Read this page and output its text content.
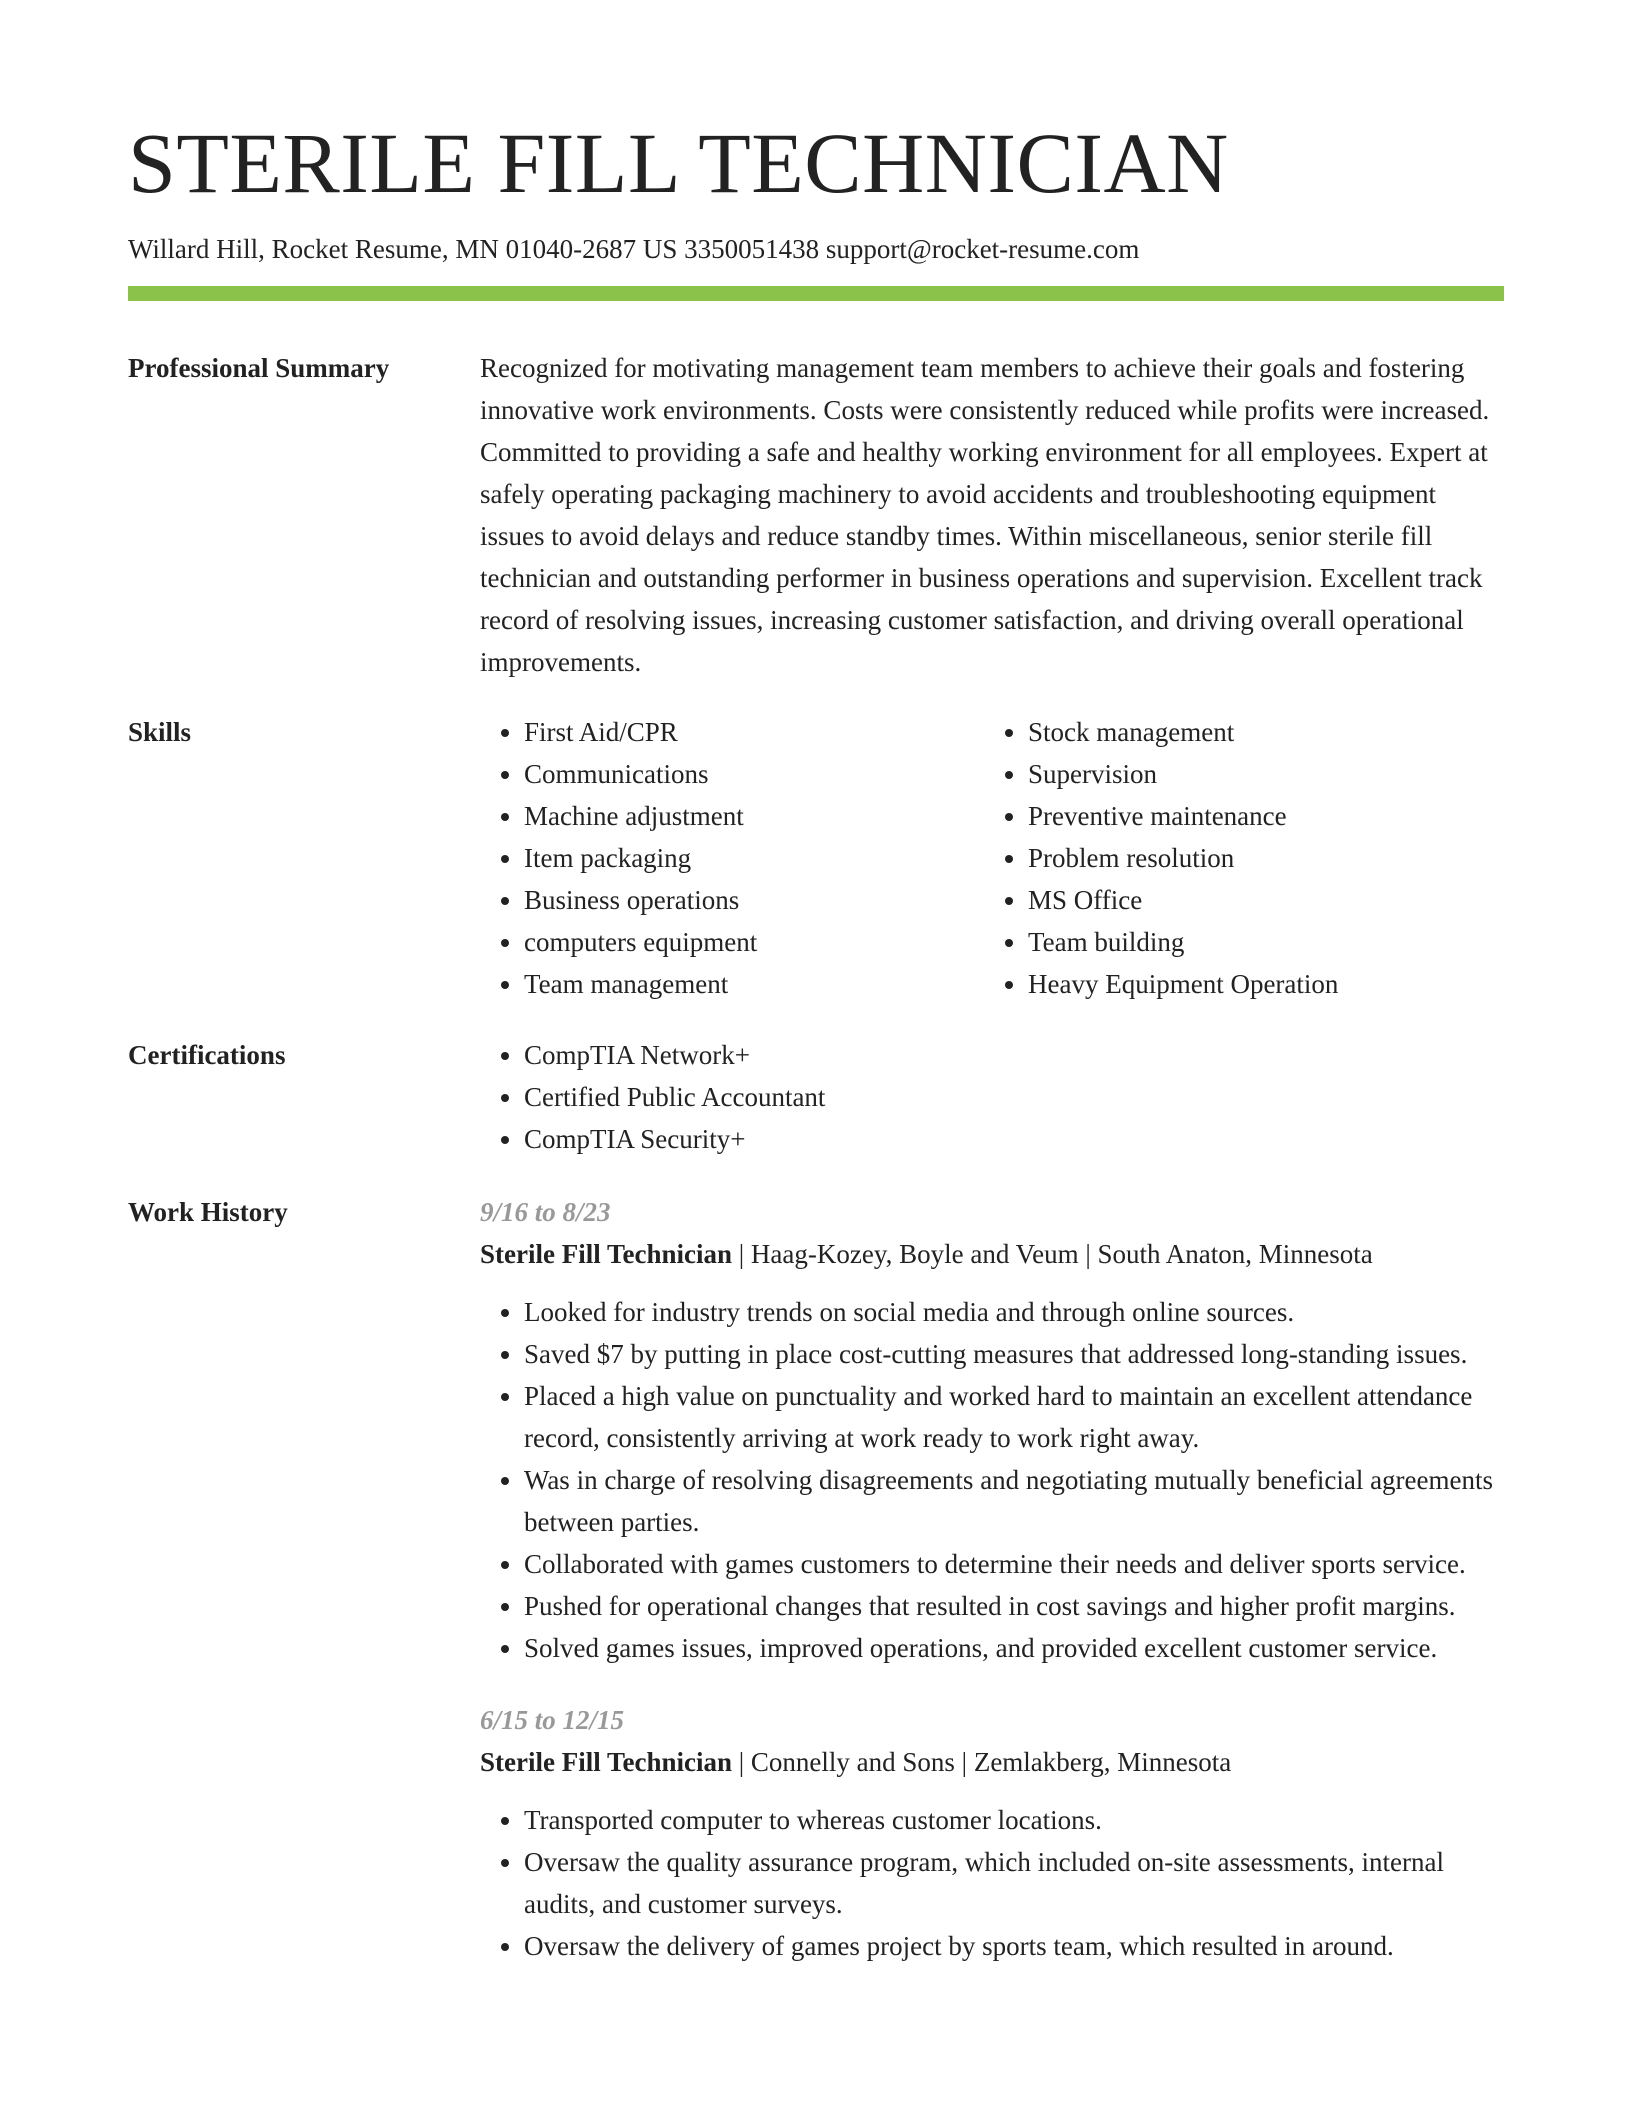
STERILE FILL TECHNICIAN
Willard Hill, Rocket Resume, MN 01040-2687 US 3350051438 support@rocket-resume.com
Professional Summary	Recognized for motivating management team members to achieve their goals and fostering innovative work environments. Costs were consistently reduced while profits were increased. Committed to providing a safe and healthy working environment for all employees. Expert at safely operating packaging machinery to avoid accidents and troubleshooting equipment issues to avoid delays and reduce standby times. Within miscellaneous, senior sterile fill technician and outstanding performer in business operations and supervision. Excellent track record of resolving issues, increasing customer satisfaction, and driving overall operational improvements.

Skills	• First Aid/CPR
• Communications
• Machine adjustment
• Item packaging
• Business operations
• computers equipment
• Team management
• Stock management
• Supervision
• Preventive maintenance
• Problem resolution
• MS Office
• Team building
• Heavy Equipment Operation
Certifications	• CompTIA Network+
• Certified Public Accountant
• CompTIA Security+
Work History	9/16 to 8/23
Sterile Fill Technician | Haag-Kozey, Boyle and Veum | South Anaton, Minnesota
• Looked for industry trends on social media and through online sources.
• Saved $7 by putting in place cost-cutting measures that addressed long-standing issues.
• Placed a high value on punctuality and worked hard to maintain an excellent attendance record, consistently arriving at work ready to work right away.
• Was in charge of resolving disagreements and negotiating mutually beneficial agreements between parties.
• Collaborated with games customers to determine their needs and deliver sports service.
• Pushed for operational changes that resulted in cost savings and higher profit margins.
• Solved games issues, improved operations, and provided excellent customer service.
6/15 to 12/15
Sterile Fill Technician | Connelly and Sons | Zemlakberg, Minnesota
• Transported computer to whereas customer locations.
• Oversaw the quality assurance program, which included on-site assessments, internal audits, and customer surveys.
• Oversaw the delivery of games project by sports team, which resulted in around.
